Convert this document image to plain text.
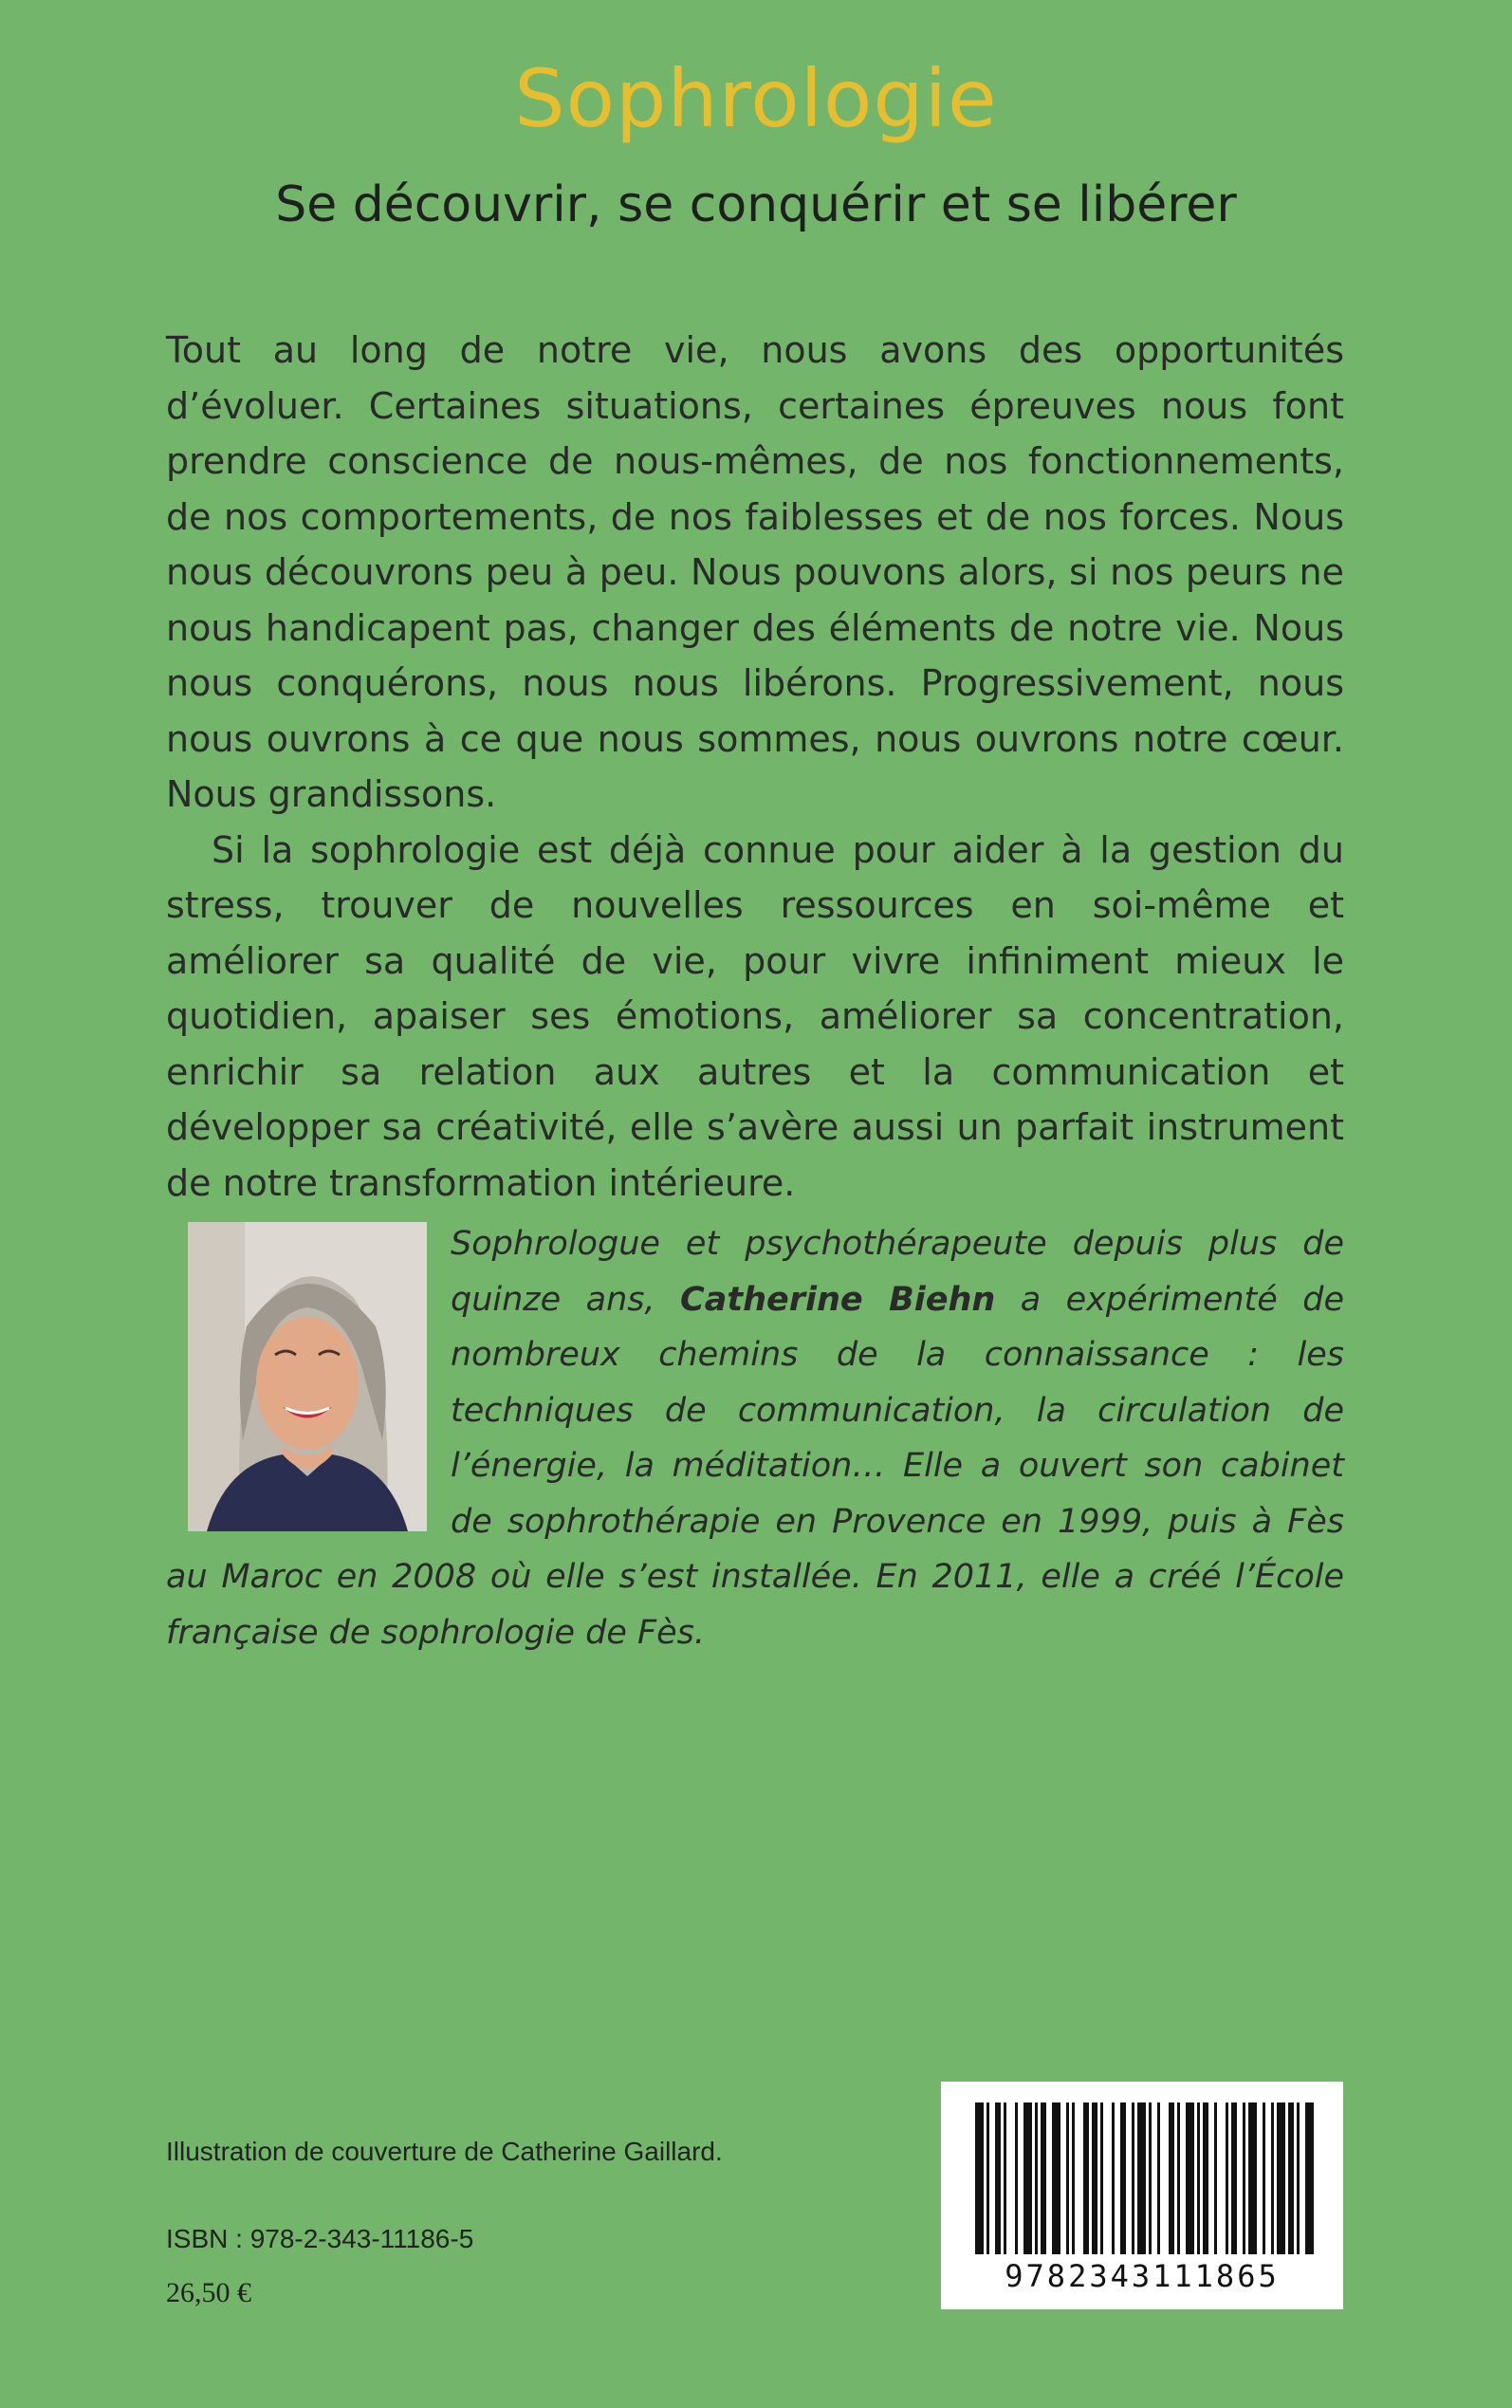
Sophrologie
Se découvrir, se conquérir et se libérer

Tout au long de notre vie, nous avons des opportunités d’évoluer. Certaines situations, certaines épreuves nous font prendre conscience de nous-mêmes, de nos fonctionnements, de nos comportements, de nos faiblesses et de nos forces. Nous nous découvrons peu à peu. Nous pouvons alors, si nos peurs ne nous handicapent pas, changer des éléments de notre vie. Nous nous conquérons, nous nous libérons. Progressivement, nous nous ouvrons à ce que nous sommes, nous ouvrons notre cœur. Nous grandissons.

Si la sophrologie est déjà connue pour aider à la gestion du stress, trouver de nouvelles ressources en soi-même et améliorer sa qualité de vie, pour vivre infiniment mieux le quotidien, apaiser ses émotions, améliorer sa concentration, enrichir sa relation aux autres et la communication et développer sa créativité, elle s’avère aussi un parfait instrument de notre transformation intérieure.

Sophrologue et psychothérapeute depuis plus de quinze ans, Catherine Biehn a expérimenté de nombreux chemins de la connaissance : les techniques de communication, la circulation de l’énergie, la méditation… Elle a ouvert son cabinet de sophrothérapie en Provence en 1999, puis à Fès au Maroc en 2008 où elle s’est installée. En 2011, elle a créé l’École française de sophrologie de Fès.
Illustration de couverture de Catherine Gaillard.
ISBN : 978-2-343-11186-5
26,50 €	9782343111865
